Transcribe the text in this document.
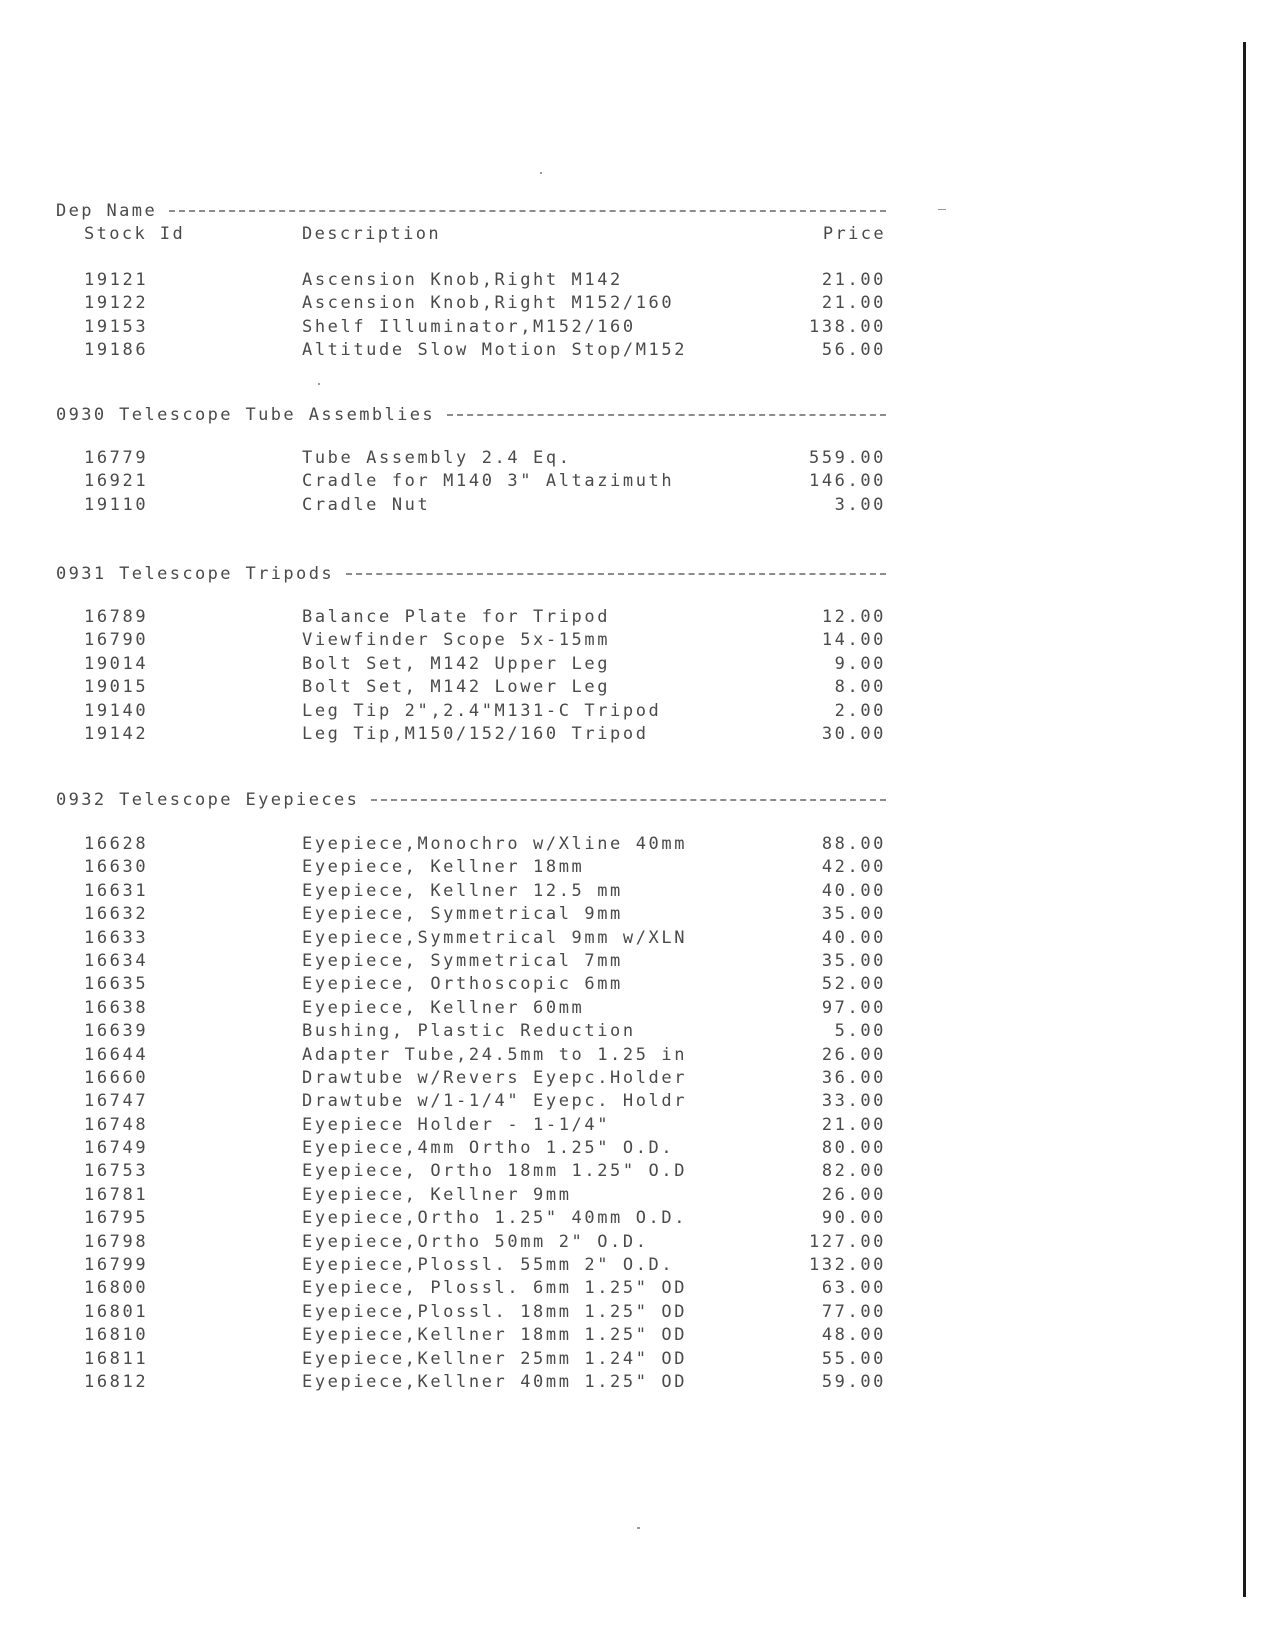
Dep Name
Stock Id	Description	Price
19121	Ascension Knob,Right M142	21.00
19122	Ascension Knob,Right M152/160	21.00
19153	Shelf Illuminator,M152/160	138.00
19186	Altitude Slow Motion Stop/M152	56.00
0930 Telescope Tube Assemblies
16779	Tube Assembly 2.4 Eq.	559.00
16921	Cradle for M140 3" Altazimuth	146.00
19110	Cradle Nut	3.00
0931 Telescope Tripods
16789	Balance Plate for Tripod	12.00
16790	Viewfinder Scope 5x-15mm	14.00
19014	Bolt Set, M142 Upper Leg	9.00
19015	Bolt Set, M142 Lower Leg	8.00
19140	Leg Tip 2",2.4"M131-C Tripod	2.00
19142	Leg Tip,M150/152/160 Tripod	30.00
0932 Telescope Eyepieces
16628	Eyepiece,Monochro w/Xline 40mm	88.00
16630	Eyepiece, Kellner 18mm	42.00
16631	Eyepiece, Kellner 12.5 mm	40.00
16632	Eyepiece, Symmetrical 9mm	35.00
16633	Eyepiece,Symmetrical 9mm w/XLN	40.00
16634	Eyepiece, Symmetrical 7mm	35.00
16635	Eyepiece, Orthoscopic 6mm	52.00
16638	Eyepiece, Kellner 60mm	97.00
16639	Bushing, Plastic Reduction	5.00
16644	Adapter Tube,24.5mm to 1.25 in	26.00
16660	Drawtube w/Revers Eyepc.Holder	36.00
16747	Drawtube w/1-1/4" Eyepc. Holdr	33.00
16748	Eyepiece Holder - 1-1/4"	21.00
16749	Eyepiece,4mm Ortho 1.25" O.D.	80.00
16753	Eyepiece, Ortho 18mm 1.25" O.D	82.00
16781	Eyepiece, Kellner 9mm	26.00
16795	Eyepiece,Ortho 1.25" 40mm O.D.	90.00
16798	Eyepiece,Ortho 50mm 2" O.D.	127.00
16799	Eyepiece,Plossl. 55mm 2" O.D.	132.00
16800	Eyepiece, Plossl. 6mm 1.25" OD	63.00
16801	Eyepiece,Plossl. 18mm 1.25" OD	77.00
16810	Eyepiece,Kellner 18mm 1.25" OD	48.00
16811	Eyepiece,Kellner 25mm 1.24" OD	55.00
16812	Eyepiece,Kellner 40mm 1.25" OD	59.00
